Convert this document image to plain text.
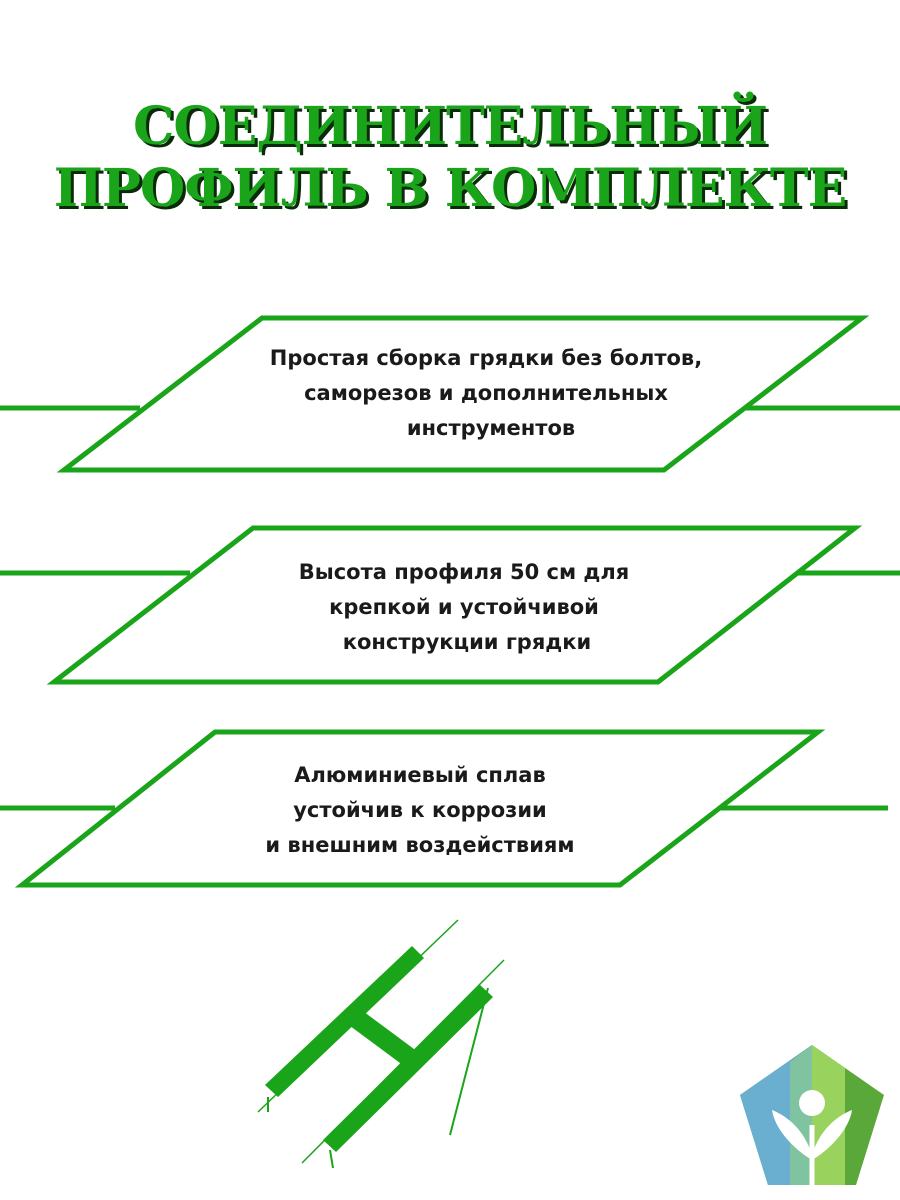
СОЕДИНИТЕЛЬНЫЙ
ПРОФИЛЬ В КОМПЛЕКТЕ
Простая сборка грядки без болтов,
саморезов и дополнительных
инструментов
Высота профиля 50 см для
крепкой и устойчивой
конструкции грядки
Алюминиевый сплав
устойчив к коррозии
и внешним воздействиям
